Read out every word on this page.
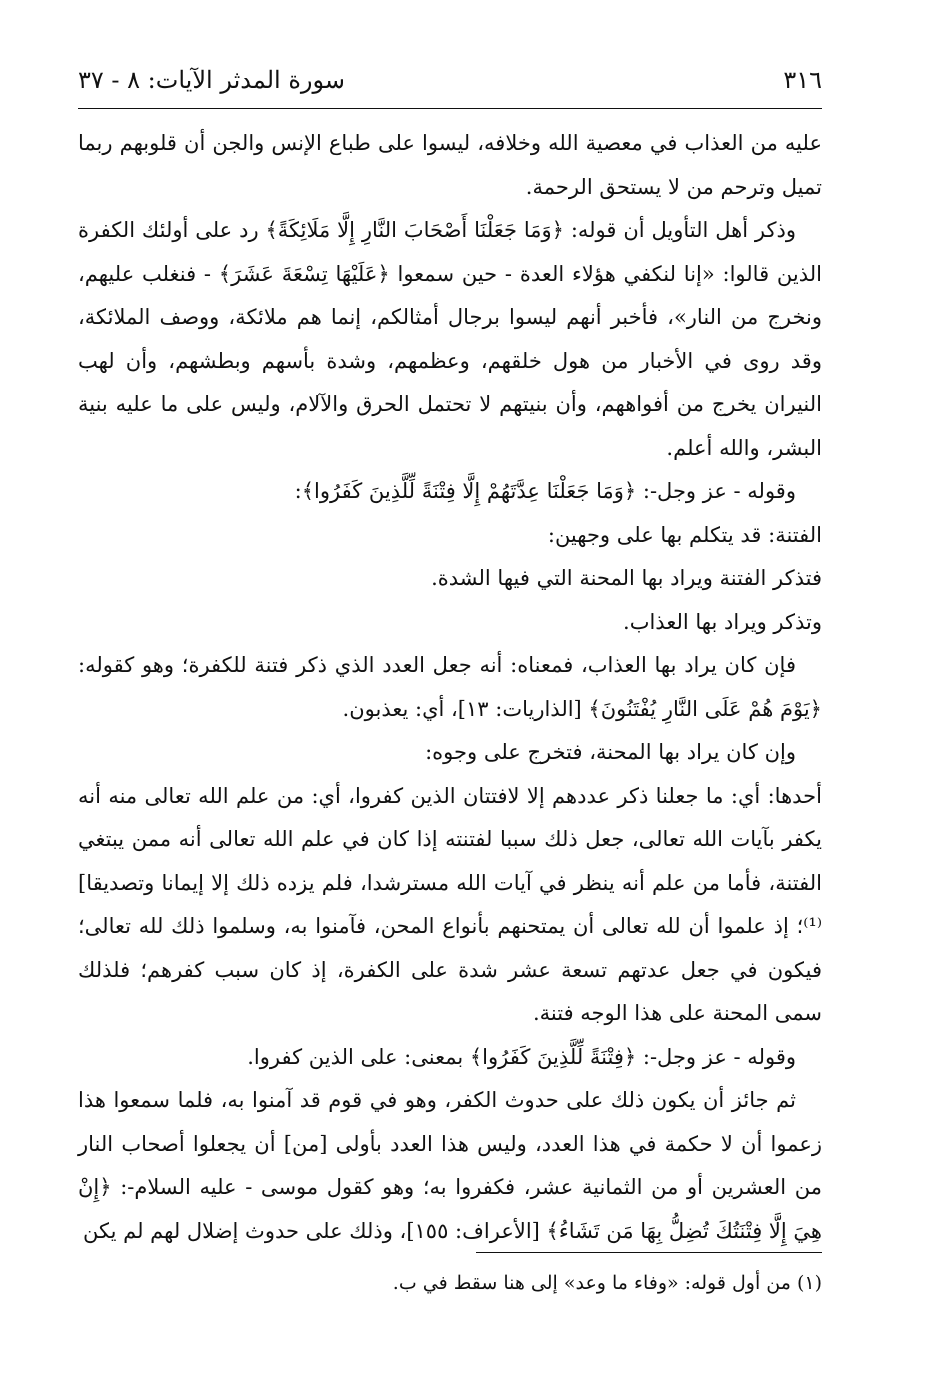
٣١٦
سورة المدثر الآيات: ٨ - ٣٧

عليه من العذاب في معصية الله وخلافه، ليسوا على طباع الإنس والجن أن قلوبهم ربما تميل وترحم من لا يستحق الرحمة.

وذكر أهل التأويل أن قوله: ﴿وَمَا جَعَلْنَا أَصْحَابَ النَّارِ إِلَّا مَلَائِكَةً﴾ رد على أولئك الكفرة الذين قالوا: «إنا لنكفي هؤلاء العدة - حين سمعوا ﴿عَلَيْهَا تِسْعَةَ عَشَرَ﴾ - فنغلب عليهم، ونخرج من النار»، فأخبر أنهم ليسوا برجال أمثالكم، إنما هم ملائكة، ووصف الملائكة، وقد روى في الأخبار من هول خلقهم، وعظمهم، وشدة بأسهم وبطشهم، وأن لهب النيران يخرج من أفواههم، وأن بنيتهم لا تحتمل الحرق والآلام، وليس على ما عليه بنية البشر، والله أعلم.

وقوله - عز وجل-: ﴿وَمَا جَعَلْنَا عِدَّتَهُمْ إِلَّا فِتْنَةً لِّلَّذِينَ كَفَرُوا﴾:

الفتنة: قد يتكلم بها على وجهين:

فتذكر الفتنة ويراد بها المحنة التي فيها الشدة.

وتذكر ويراد بها العذاب.

فإن كان يراد بها العذاب، فمعناه: أنه جعل العدد الذي ذكر فتنة للكفرة؛ وهو كقوله: ﴿يَوْمَ هُمْ عَلَى النَّارِ يُفْتَنُونَ﴾ [الذاريات: ١٣]، أي: يعذبون.

وإن كان يراد بها المحنة، فتخرج على وجوه:

أحدها: أي: ما جعلنا ذكر عددهم إلا لافتتان الذين كفروا، أي: من علم الله تعالى منه أنه يكفر بآيات الله تعالى، جعل ذلك سببا لفتنته إذا كان في علم الله تعالى أنه ممن يبتغي الفتنة، فأما من علم أنه ينظر في آيات الله مسترشدا، فلم يزده ذلك إلا إيمانا وتصديقا]⁽¹⁾؛ إذ علموا أن لله تعالى أن يمتحنهم بأنواع المحن، فآمنوا به، وسلموا ذلك لله تعالى؛ فيكون في جعل عدتهم تسعة عشر شدة على الكفرة، إذ كان سبب كفرهم؛ فلذلك سمى المحنة على هذا الوجه فتنة.

وقوله - عز وجل-: ﴿فِتْنَةً لِّلَّذِينَ كَفَرُوا﴾ بمعنى: على الذين كفروا.

ثم جائز أن يكون ذلك على حدوث الكفر، وهو في قوم قد آمنوا به، فلما سمعوا هذا زعموا أن لا حكمة في هذا العدد، وليس هذا العدد بأولى [من] أن يجعلوا أصحاب النار من العشرين أو من الثمانية عشر، فكفروا به؛ وهو كقول موسى - عليه السلام-: ﴿إِنْ هِيَ إِلَّا فِتْنَتُكَ تُضِلُّ بِهَا مَن تَشَاءُ﴾ [الأعراف: ١٥٥]، وذلك على حدوث إضلال لهم لم يكن

(١) من أول قوله: «وفاء ما وعد» إلى هنا سقط في ب.
